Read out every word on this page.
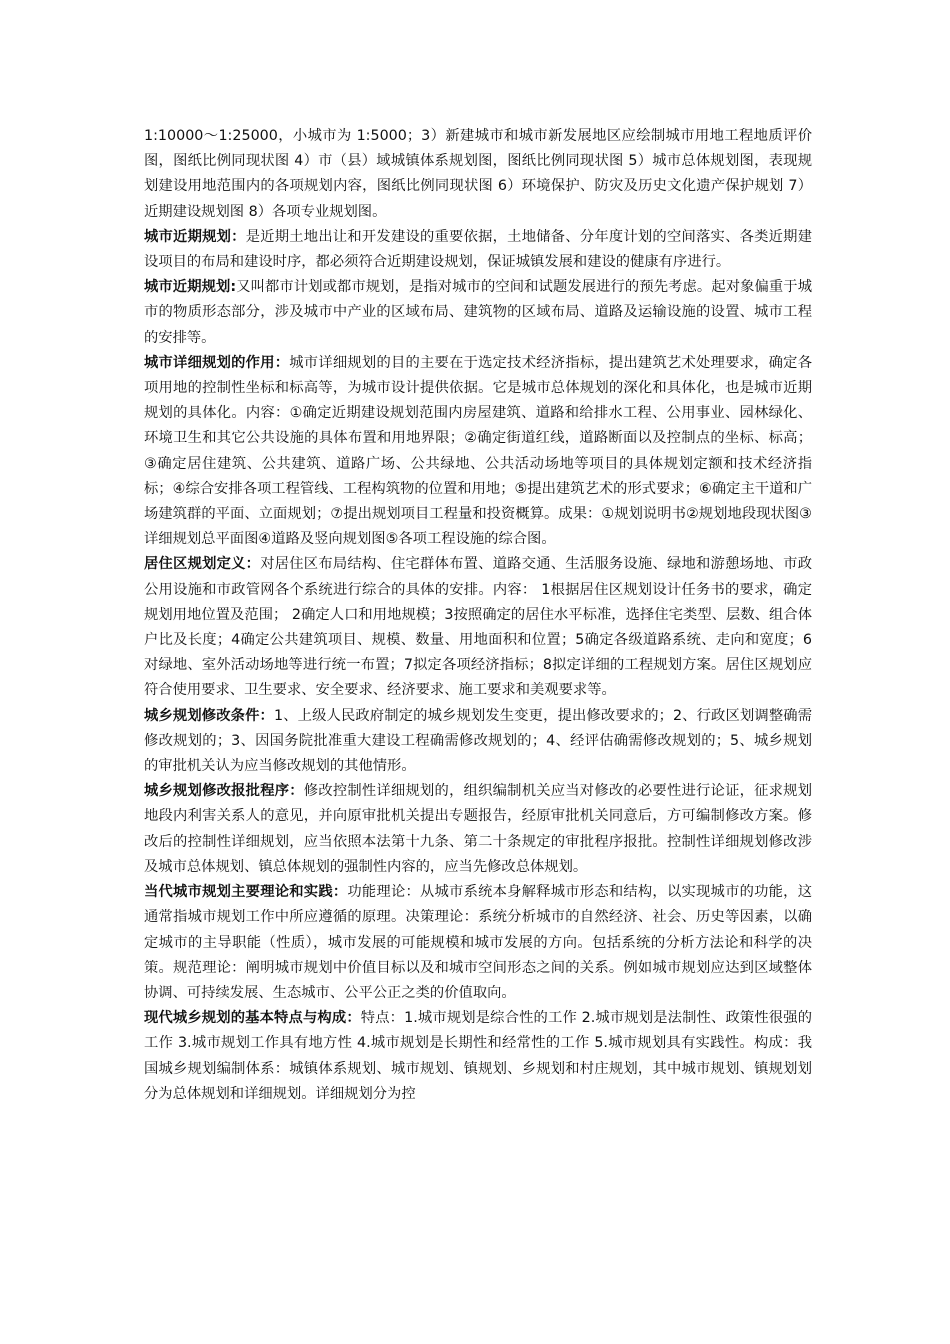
1:10000～1:25000，小城市为 1:5000；3）新建城市和城市新发展地区应绘制城市用地工程地质评价图，图纸比例同现状图 4）市（县）域城镇体系规划图，图纸比例同现状图 5）城市总体规划图，表现规划建设用地范围内的各项规划内容，图纸比例同现状图 6）环境保护、防灾及历史文化遗产保护规划 7）近期建设规划图 8）各项专业规划图。

城市近期规划：是近期土地出让和开发建设的重要依据，土地储备、分年度计划的空间落实、各类近期建设项目的布局和建设时序，都必须符合近期建设规划，保证城镇发展和建设的健康有序进行。

城市近期规划:又叫都市计划或都市规划，是指对城市的空间和试题发展进行的预先考虑。起对象偏重于城市的物质形态部分，涉及城市中产业的区域布局、建筑物的区域布局、道路及运输设施的设置、城市工程的安排等。

城市详细规划的作用：城市详细规划的目的主要在于选定技术经济指标，提出建筑艺术处理要求，确定各项用地的控制性坐标和标高等，为城市设计提供依据。它是城市总体规划的深化和具体化，也是城市近期规划的具体化。内容：①确定近期建设规划范围内房屋建筑、道路和给排水工程、公用事业、园林绿化、环境卫生和其它公共设施的具体布置和用地界限；②确定街道红线，道路断面以及控制点的坐标、标高；③确定居住建筑、公共建筑、道路广场、公共绿地、公共活动场地等项目的具体规划定额和技术经济指标；④综合安排各项工程管线、工程构筑物的位置和用地；⑤提出建筑艺术的形式要求；⑥确定主干道和广场建筑群的平面、立面规划；⑦提出规划项目工程量和投资概算。成果：①规划说明书②规划地段现状图③详细规划总平面图④道路及竖向规划图⑤各项工程设施的综合图。

居住区规划定义：对居住区布局结构、住宅群体布置、道路交通、生活服务设施、绿地和游憩场地、市政公用设施和市政管网各个系统进行综合的具体的安排。内容： 1根据居住区规划设计任务书的要求，确定规划用地位置及范围； 2确定人口和用地规模；3按照确定的居住水平标准，选择住宅类型、层数、组合体户比及长度；4确定公共建筑项目、规模、数量、用地面积和位置；5确定各级道路系统、走向和宽度；6对绿地、室外活动场地等进行统一布置；7拟定各项经济指标；8拟定详细的工程规划方案。居住区规划应符合使用要求、卫生要求、安全要求、经济要求、施工要求和美观要求等。

城乡规划修改条件：1、上级人民政府制定的城乡规划发生变更，提出修改要求的；2、行政区划调整确需修改规划的；3、因国务院批准重大建设工程确需修改规划的；4、经评估确需修改规划的；5、城乡规划的审批机关认为应当修改规划的其他情形。

城乡规划修改报批程序：修改控制性详细规划的，组织编制机关应当对修改的必要性进行论证，征求规划地段内利害关系人的意见，并向原审批机关提出专题报告，经原审批机关同意后，方可编制修改方案。修改后的控制性详细规划，应当依照本法第十九条、第二十条规定的审批程序报批。控制性详细规划修改涉及城市总体规划、镇总体规划的强制性内容的，应当先修改总体规划。

当代城市规划主要理论和实践：功能理论：从城市系统本身解释城市形态和结构，以实现城市的功能，这通常指城市规划工作中所应遵循的原理。决策理论：系统分析城市的自然经济、社会、历史等因素，以确定城市的主导职能（性质），城市发展的可能规模和城市发展的方向。包括系统的分析方法论和科学的决策。规范理论：阐明城市规划中价值目标以及和城市空间形态之间的关系。例如城市规划应达到区域整体协调、可持续发展、生态城市、公平公正之类的价值取向。

现代城乡规划的基本特点与构成：特点：1.城市规划是综合性的工作 2.城市规划是法制性、政策性很强的工作 3.城市规划工作具有地方性 4.城市规划是长期性和经常性的工作 5.城市规划具有实践性。构成：我国城乡规划编制体系：城镇体系规划、城市规划、镇规划、乡规划和村庄规划，其中城市规划、镇规划划分为总体规划和详细规划。详细规划分为控
